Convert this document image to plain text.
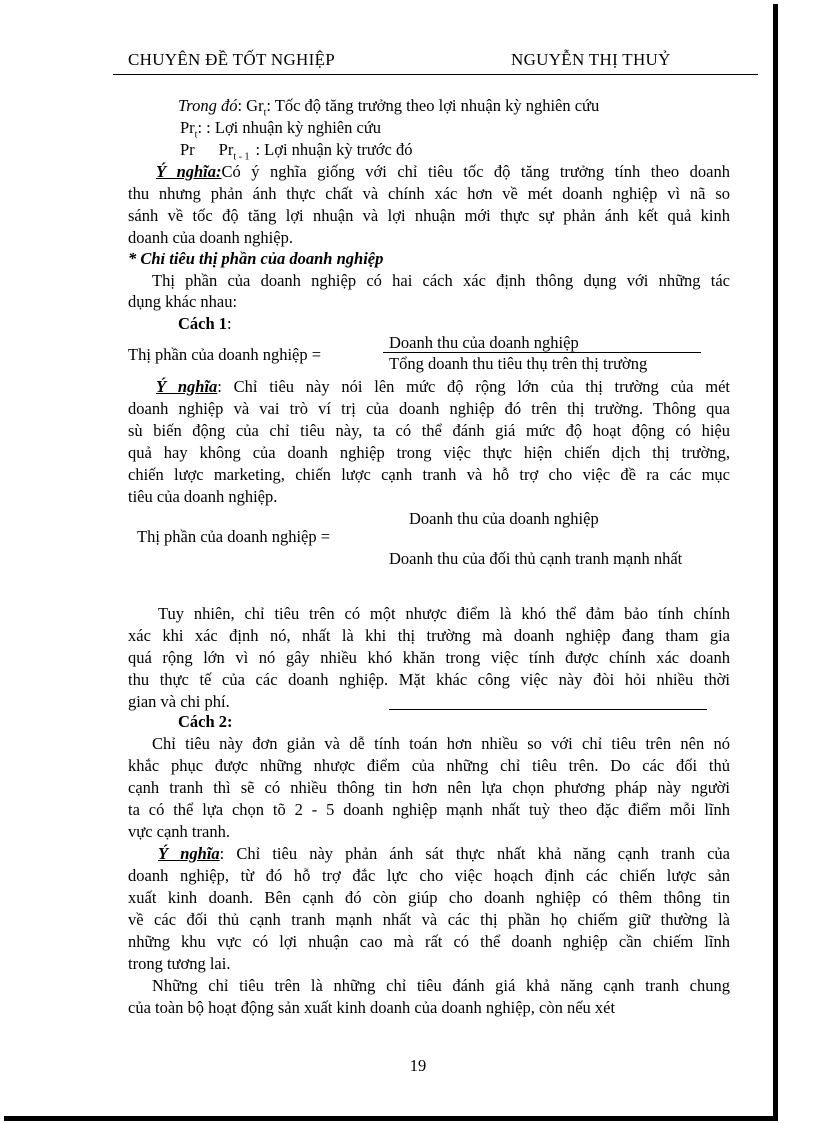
CHUYÊN ĐỀ TỐT NGHIỆP	NGUYỄN THỊ THUỶ
Trong đó: $Gr_t$: Tốc độ tăng trưởng theo lợi nhuận kỳ nghiên cứu
$Pr_t$: : Lợi nhuận kỳ nghiên cứu
Pr $Pr_{t - 1}$ : Lợi nhuận kỳ trước đó
Ý nghĩa:Có ý nghĩa giống với chỉ tiêu tốc độ tăng trưởng tính theo doanh
thu nhưng phản ánh thực chất và chính xác hơn về mét doanh nghiệp vì nã so
sánh về tốc độ tăng lợi nhuận và lợi nhuận mới thực sự phản ánh kết quả kinh
doanh của doanh nghiệp.
* Chỉ tiêu thị phần của doanh nghiệp
Thị phần của doanh nghiệp có hai cách xác định thông dụng với những tác
dụng khác nhau:
Cách 1:
Thị phần của doanh nghiệp =
Doanh thu của doanh nghiệp
Tổng doanh thu tiêu thụ trên thị trường
Ý nghĩa: Chỉ tiêu này nói lên mức độ rộng lớn của thị trường của mét
doanh nghiệp và vai trò ví trị của doanh nghiệp đó trên thị trường. Thông qua
sù biến động của chỉ tiêu này, ta có thể đánh giá mức độ hoạt động có hiệu
quả hay không của doanh nghiệp trong việc thực hiện chiến dịch thị trường,
chiến lược marketing, chiến lược cạnh tranh và hỗ trợ cho việc đề ra các mục
tiêu của doanh nghiệp.
Doanh thu của doanh nghiệp
Thị phần của doanh nghiệp =
Doanh thu của đối thủ cạnh tranh mạnh nhất
Tuy nhiên, chỉ tiêu trên có một nhược điểm là khó thể đảm bảo tính chính
xác khi xác định nó, nhất là khi thị trường mà doanh nghiệp đang tham gia
quá rộng lớn vì nó gây nhiều khó khăn trong việc tính được chính xác doanh
thu thực tế của các doanh nghiệp. Mặt khác công việc này đòi hỏi nhiều thời
gian và chi phí.
Cách 2:
Chỉ tiêu này đơn giản và dễ tính toán hơn nhiều so với chỉ tiêu trên nên nó
khắc phục được những nhược điểm của những chỉ tiêu trên. Do các đối thủ
cạnh tranh thì sẽ có nhiều thông tin hơn nên lựa chọn phương pháp này người
ta có thể lựa chọn tõ 2 - 5 doanh nghiệp mạnh nhất tuỳ theo đặc điểm mỗi lĩnh
vực cạnh tranh.
Ý nghĩa: Chỉ tiêu này phản ánh sát thực nhất khả năng cạnh tranh của
doanh nghiệp, từ đó hỗ trợ đắc lực cho việc hoạch định các chiến lược sản
xuất kinh doanh. Bên cạnh đó còn giúp cho doanh nghiệp có thêm thông tin
về các đối thủ cạnh tranh mạnh nhất và các thị phần họ chiếm giữ thường là
những khu vực có lợi nhuận cao mà rất có thể doanh nghiệp cần chiếm lĩnh
trong tương lai.
Những chỉ tiêu trên là những chỉ tiêu đánh giá khả năng cạnh tranh chung
của toàn bộ hoạt động sản xuất kinh doanh của doanh nghiệp, còn nếu xét
19
